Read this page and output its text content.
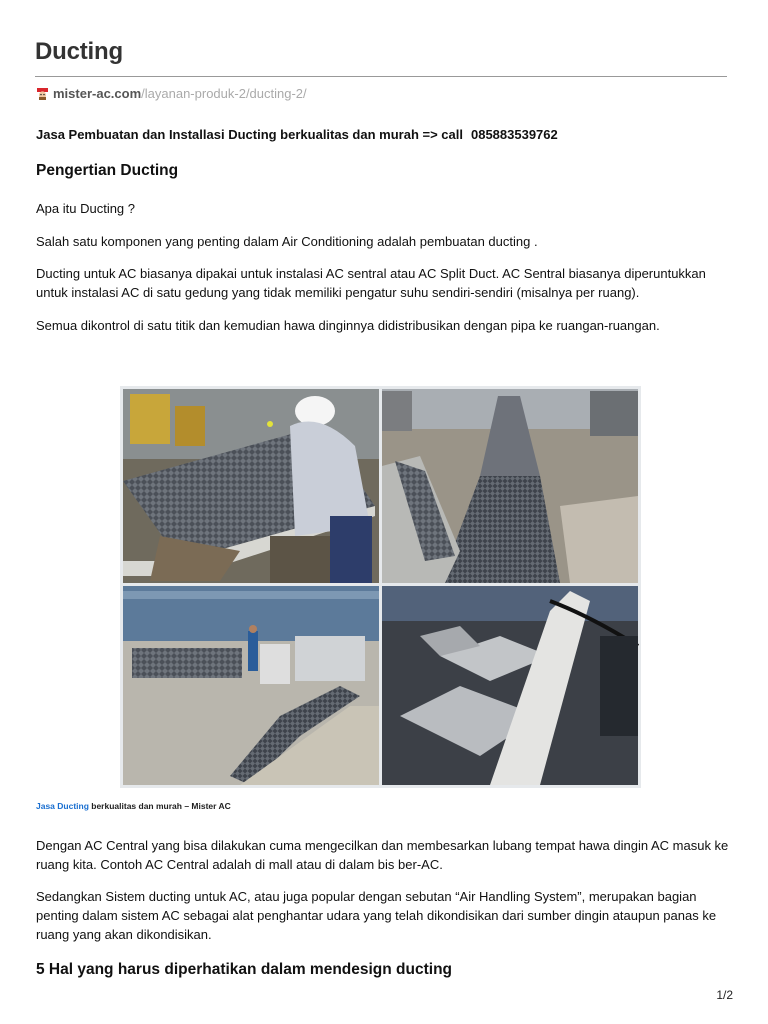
Ducting
mister-ac.com /layanan-produk-2/ducting-2/
Jasa Pembuatan dan Installasi Ducting berkualitas dan murah => call 085883539762
Pengertian Ducting

Apa itu Ducting ?

Salah satu komponen yang penting dalam Air Conditioning adalah pembuatan ducting .

Ducting untuk AC biasanya dipakai untuk instalasi AC sentral atau AC Split Duct. AC Sentral biasanya diperuntukkan untuk instalasi AC di satu gedung yang tidak memiliki pengatur suhu sendiri-sendiri (misalnya per ruang).

Semua dikontrol di satu titik dan kemudian hawa dinginnya didistribusikan dengan pipa ke ruangan-ruangan.

Jasa Ducting berkualitas dan murah – Mister AC

Dengan AC Central yang bisa dilakukan cuma mengecilkan dan membesarkan lubang tempat hawa dingin AC masuk ke ruang kita. Contoh AC Central adalah di mall atau di dalam bis ber-AC.

Sedangkan Sistem ducting untuk AC, atau juga popular dengan sebutan “Air Handling System”, merupakan bagian penting dalam sistem AC sebagai alat penghantar udara yang telah dikondisikan dari sumber dingin ataupun panas ke ruang yang akan dikondisikan.

5 Hal yang harus diperhatikan dalam mendesign ducting
1/2
